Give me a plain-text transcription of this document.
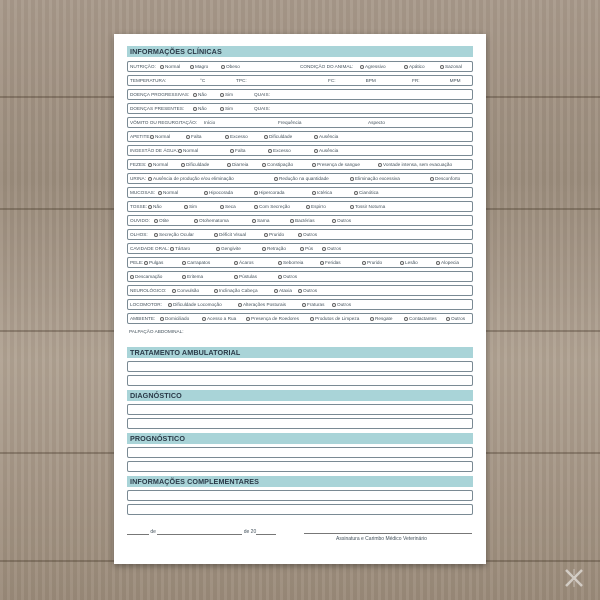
INFORMAÇÕES CLÍNICAS
NUTRIÇÃO:	Normal	Magro	Obeso	CONDIÇÃO DO ANIMAL:	Agressivo	Apático	Sazonal
TEMPERATURA:	°C	TPC:	FC:	BPM	FR:	MPM
DOENÇA PROGRESSIVAS:	Não	Sim	QUAIS:
DOENÇAS PRESENTES:	Não	Sim	QUAIS:
VÔMITO OU REGURGITAÇÃO: Início	Frequência	Aspecto
APETITE: Normal	Falta	Excesso	Dificuldade	Ausência
INGESTÃO DE ÁGUA:	Normal	Falta	Excesso	Ausência
FEZES:	Normal	Dificuldade	Diarreia	Constipação	Presença de sangue	Vontade intensa, sem evacuação
URINA:	Ausência de produção e/ou eliminação	Redução na quantidade	Eliminação excessiva	Desconforto
MUCOSAS:	Normal	Hipocorada	Hipercorada	Ictérica	Cianótica
TOSSE:	Não	Sim	Seca	Com Secreção	Espirro	Tossir Noturna
OUVIDO:	Otite	Otohematoma	Sarna	Bactérias	Outros
OLHOS:	Secreção Ocular	Déficit Visual	Prurido	Outros
CAVIDADE ORAL:	Tártaro	Gengivite	Retração	Pús	Outros
PELE:	Pulgas	Carrapatos	Ácaros	Seborreia	Feridas	Prurido	Lesão	Alopecia
Descamação	Eritema	Pústulas	Outros
NEUROLÓGICO:	Convulsão	Inclinação Cabeça	Ataxia	Outros
LOCOMOTOR:	Dificuldade Locomoção	Alterações Posturais	Fraturas	Outros
AMBIENTE:	Domiciliado	Acesso a Rua	Presença de Roedores	Produtos de Limpeza	Resgate	Contactantes	Outros
PALPAÇÃO ABDOMINAL:
TRATAMENTO AMBULATORIAL
DIAGNÓSTICO
PROGNÓSTICO
INFORMAÇÕES COMPLEMENTARES
de	de 20
Assinatura e Carimbo Médico Veterinário
